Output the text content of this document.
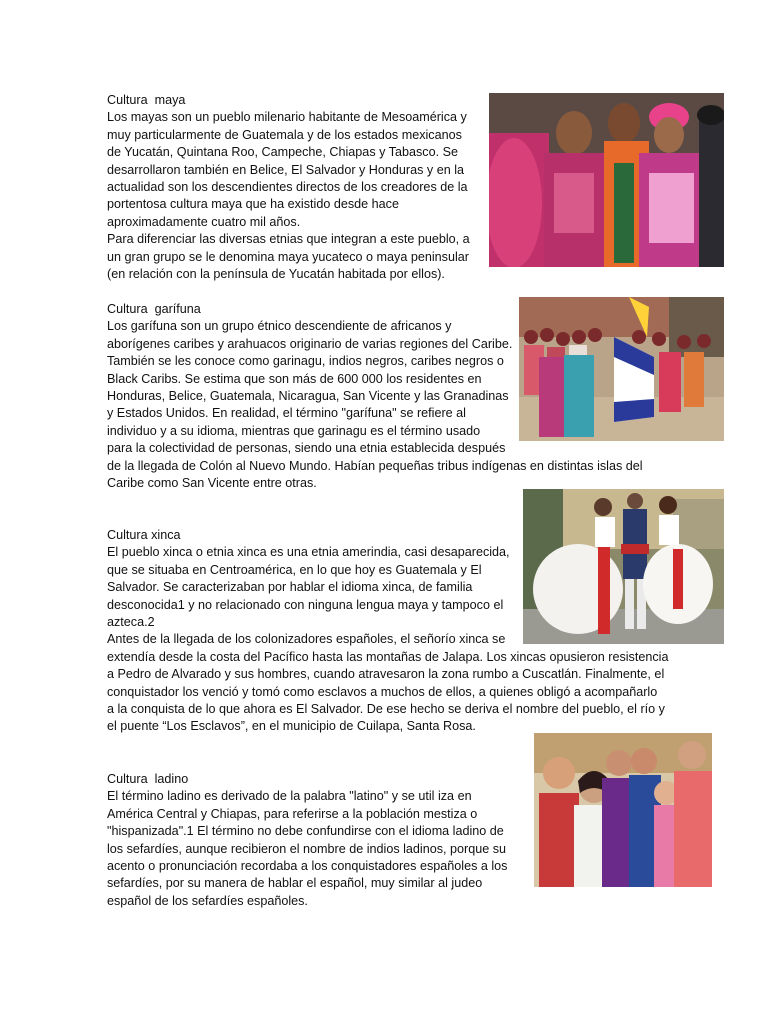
Cultura  maya
Los mayas son un pueblo milenario habitante de Mesoamérica y
muy particularmente de Guatemala y de los estados mexicanos
de Yucatán, Quintana Roo, Campeche, Chiapas y Tabasco. Se
desarrollaron también en Belice, El Salvador y Honduras y en la
actualidad son los descendientes directos de los creadores de la
portentosa cultura maya que ha existido desde hace
aproximadamente cuatro mil años.
Para diferenciar las diversas etnias que integran a este pueblo, a
un gran grupo se le denomina maya yucateco o maya peninsular
(en relación con la península de Yucatán habitada por ellos).
Cultura  garífuna
Los garífuna son un grupo étnico descendiente de africanos y
aborígenes caribes y arahuacos originario de varias regiones del Caribe.
También se les conoce como garinagu, indios negros, caribes negros o
Black Caribs. Se estima que son más de 600 000 los residentes en
Honduras, Belice, Guatemala, Nicaragua, San Vicente y las Granadinas
y Estados Unidos. En realidad, el término "garífuna" se refiere al
individuo y a su idioma, mientras que garinagu es el término usado
para la colectividad de personas, siendo una etnia establecida después
de la llegada de Colón al Nuevo Mundo. Habían pequeñas tribus indígenas en distintas islas del
Caribe como San Vicente entre otras.
Cultura xinca
El pueblo xinca o etnia xinca es una etnia amerindia, casi desaparecida,
que se situaba en Centroamérica, en lo que hoy es Guatemala y El
Salvador. Se caracterizaban por hablar el idioma xinca, de familia
desconocida1 y no relacionado con ninguna lengua maya y tampoco el
azteca.2
Antes de la llegada de los colonizadores españoles, el señorío xinca se
extendía desde la costa del Pacífico hasta las montañas de Jalapa. Los xincas opusieron resistencia
a Pedro de Alvarado y sus hombres, cuando atravesaron la zona rumbo a Cuscatlán. Finalmente, el
conquistador los venció y tomó como esclavos a muchos de ellos, a quienes obligó a acompañarlo
a la conquista de lo que ahora es El Salvador. De ese hecho se deriva el nombre del pueblo, el río y
el puente “Los Esclavos”, en el municipio de Cuilapa, Santa Rosa.
Cultura  ladino
El término ladino es derivado de la palabra "latino" y se util iza en
América Central y Chiapas, para referirse a la población mestiza o
"hispanizada".1 El término no debe confundirse con el idioma ladino de
los sefardíes, aunque recibieron el nombre de indios ladinos, porque su
acento o pronunciación recordaba a los conquistadores españoles a los
sefardíes, por su manera de hablar el español, muy similar al judeo
español de los sefardíes españoles.
